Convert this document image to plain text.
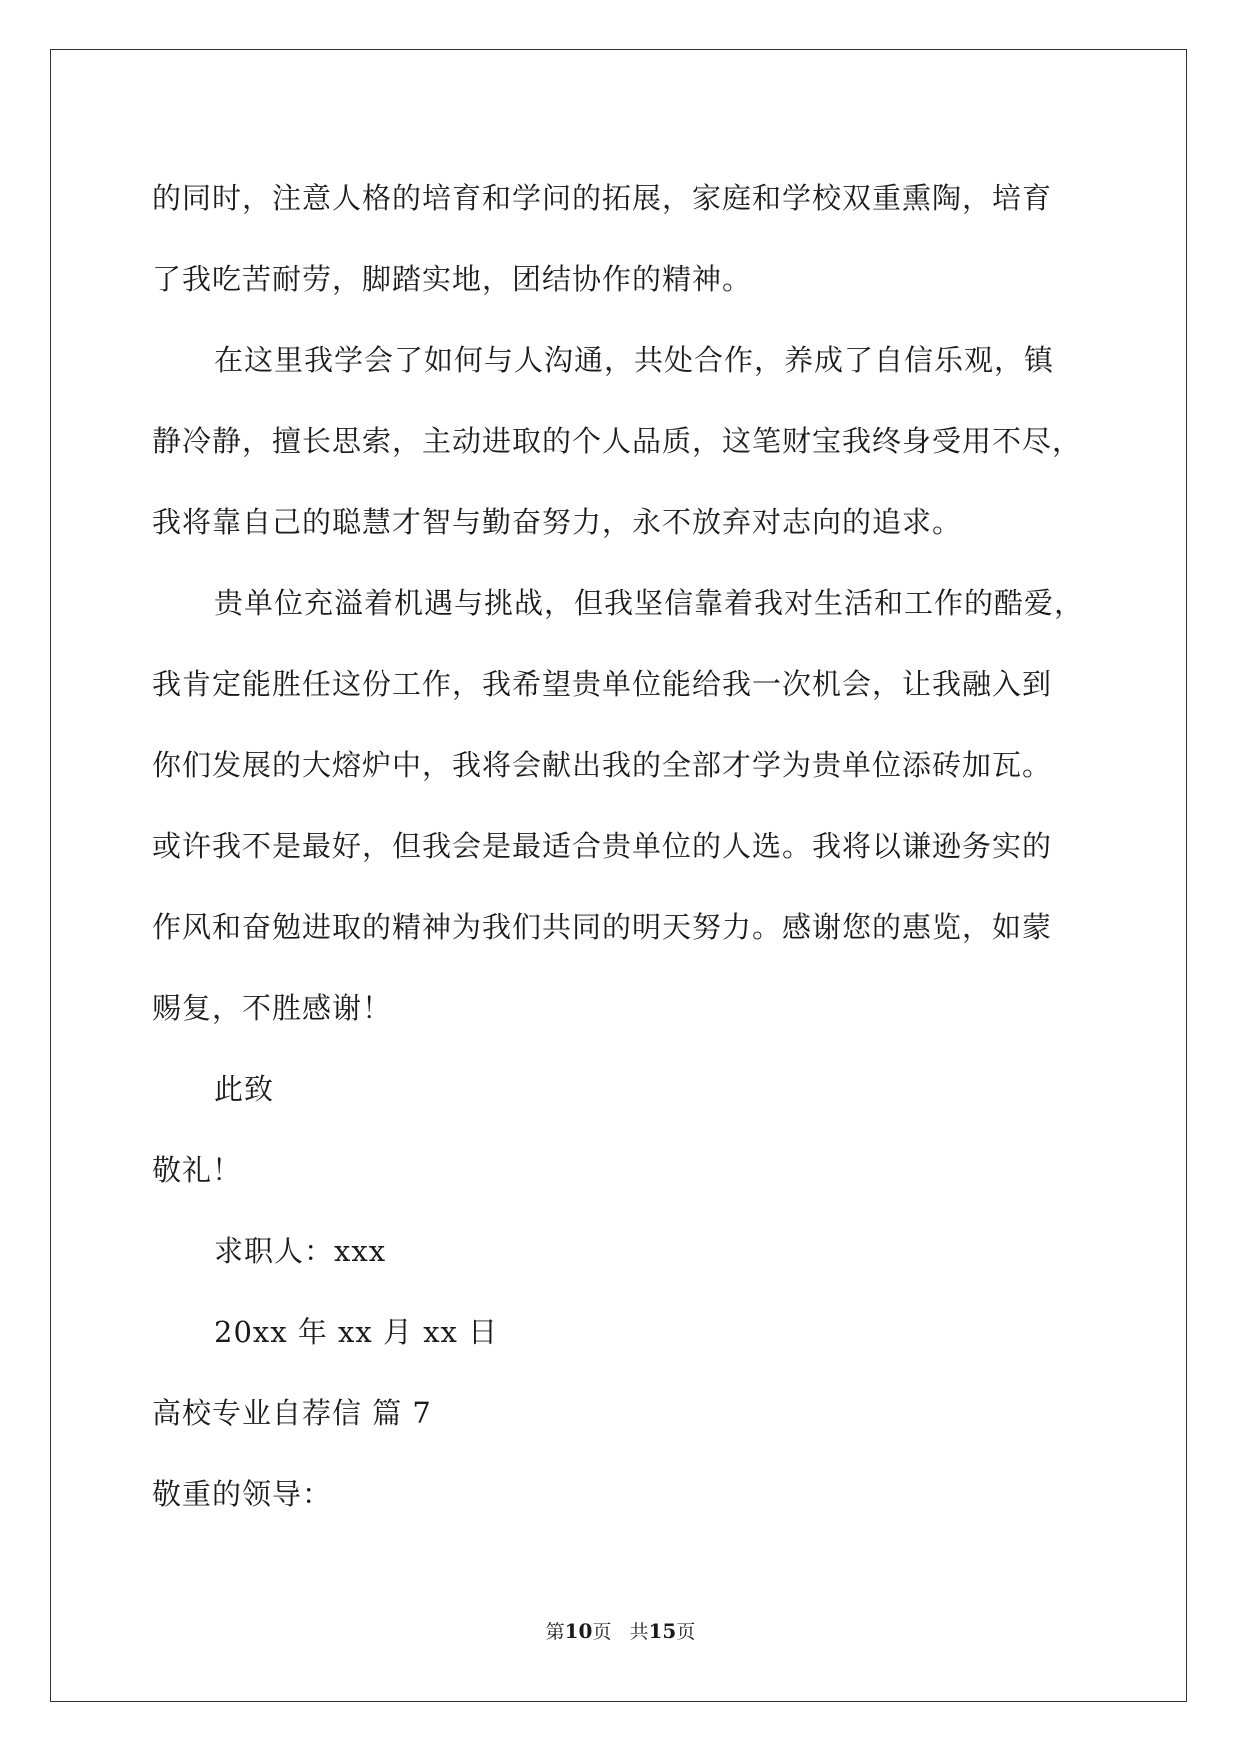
的同时，注意人格的培育和学问的拓展，家庭和学校双重熏陶，培育
了我吃苦耐劳，脚踏实地，团结协作的精神。
在这里我学会了如何与人沟通，共处合作，养成了自信乐观，镇
静冷静，擅长思索，主动进取的个人品质，这笔财宝我终身受用不尽，
我将靠自己的聪慧才智与勤奋努力，永不放弃对志向的追求。
贵单位充溢着机遇与挑战，但我坚信靠着我对生活和工作的酷爱，
我肯定能胜任这份工作，我希望贵单位能给我一次机会，让我融入到
你们发展的大熔炉中，我将会献出我的全部才学为贵单位添砖加瓦。
或许我不是最好，但我会是最适合贵单位的人选。我将以谦逊务实的
作风和奋勉进取的精神为我们共同的明天努力。感谢您的惠览，如蒙
赐复，不胜感谢！
此致
敬礼！
求职人：xxx
20xx 年 xx 月 xx 日
高校专业自荐信 篇 7
敬重的领导：
第10页 共15页
